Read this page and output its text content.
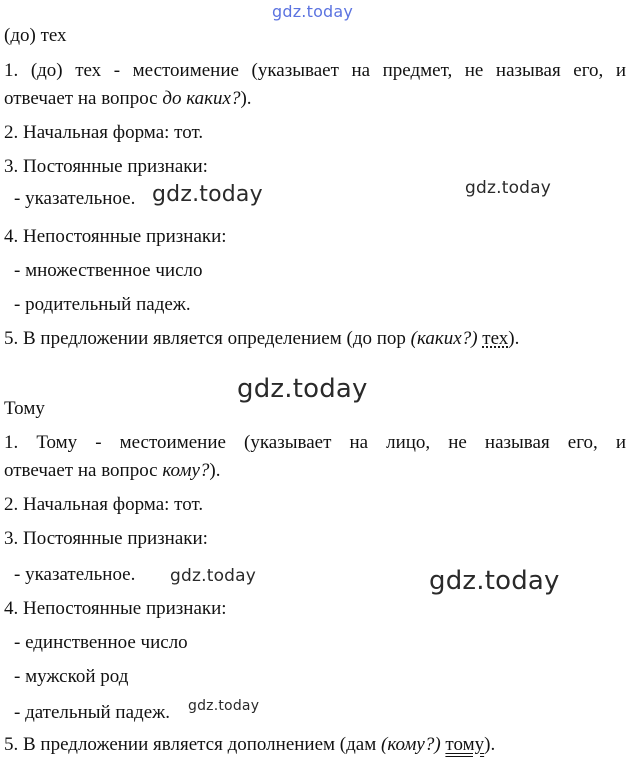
gdz.today
gdz.today	gdz.today
gdz.today
gdz.today	gdz.today
gdz.today
(до) тех
1. (до) тех - местоимение (указывает на предмет, не называя его, и
отвечает на вопрос до каких?).
2. Начальная форма: тот.
3. Постоянные признаки:
- указательное.
4. Непостоянные признаки:
- множественное число
- родительный падеж.
5. В предложении является определением (до пор (каких?) тех).
Тому
1. Тому - местоимение (указывает на лицо, не называя его, и
отвечает на вопрос кому?).
2. Начальная форма: тот.
3. Постоянные признаки:
- указательное.
4. Непостоянные признаки:
- единственное число
- мужской род
- дательный падеж.
5. В предложении является дополнением (дам (кому?) тому).
